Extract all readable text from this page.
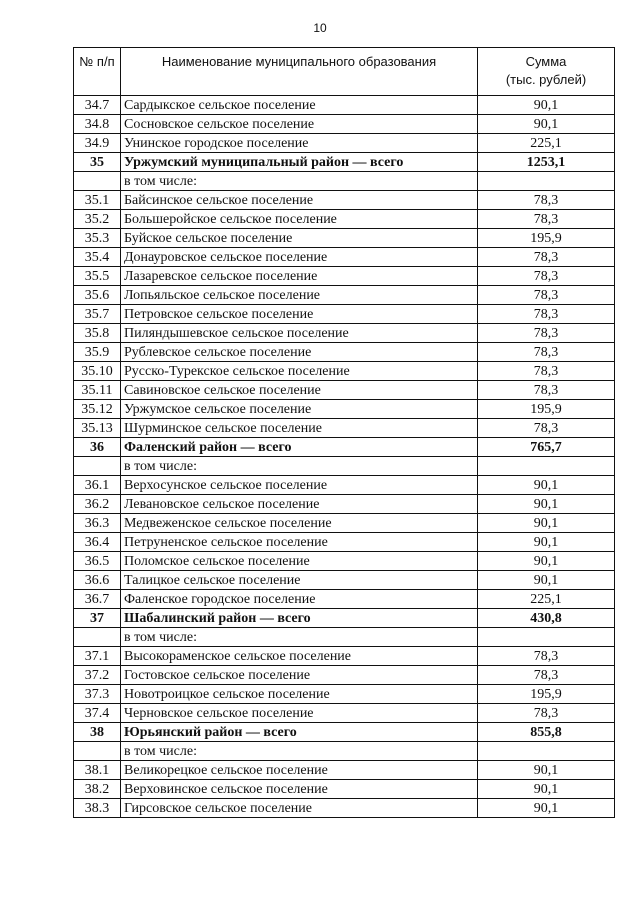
10
№ п/п	Наименование муниципального образования	Сумма
(тыс. рублей)

34.7	Сардыкское сельское поселение	90,1
34.8	Сосновское сельское поселение	90,1
34.9	Унинское городское поселение	225,1
35	Уржумский муниципальный район — всего	1253,1
	в том числе:	
35.1	Байсинское сельское поселение	78,3
35.2	Большеройское сельское поселение	78,3
35.3	Буйское сельское поселение	195,9
35.4	Донауровское сельское поселение	78,3
35.5	Лазаревское сельское поселение	78,3
35.6	Лопьяльское сельское поселение	78,3
35.7	Петровское сельское поселение	78,3
35.8	Пиляндышевское сельское поселение	78,3
35.9	Рублевское сельское поселение	78,3
35.10	Русско-Турекское сельское поселение	78,3
35.11	Савиновское сельское поселение	78,3
35.12	Уржумское сельское поселение	195,9
35.13	Шурминское сельское поселение	78,3
36	Фаленский район — всего	765,7
	в том числе:	
36.1	Верхосунское сельское поселение	90,1
36.2	Левановское сельское поселение	90,1
36.3	Медвеженское сельское поселение	90,1
36.4	Петруненское сельское поселение	90,1
36.5	Поломское сельское поселение	90,1
36.6	Талицкое сельское поселение	90,1
36.7	Фаленское городское поселение	225,1
37	Шабалинский район — всего	430,8
	в том числе:	
37.1	Высокораменское сельское поселение	78,3
37.2	Гостовское сельское поселение	78,3
37.3	Новотроицкое сельское поселение	195,9
37.4	Черновское сельское поселение	78,3
38	Юрьянский район — всего	855,8
	в том числе:	
38.1	Великорецкое сельское поселение	90,1
38.2	Верховинское сельское поселение	90,1
38.3	Гирсовское сельское поселение	90,1
